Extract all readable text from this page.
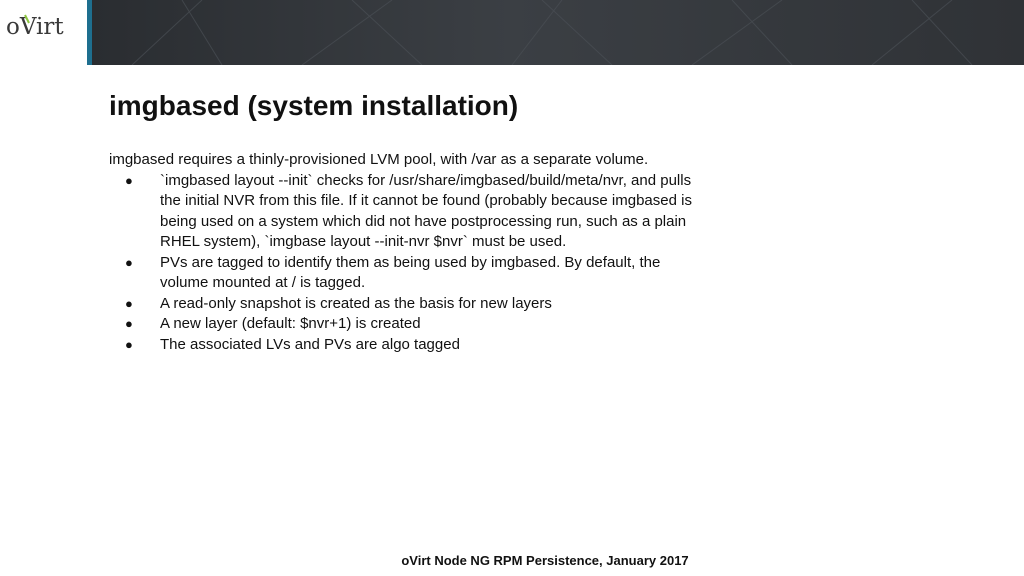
oVirt
imgbased (system installation)

imgbased requires a thinly-provisioned LVM pool, with /var as a separate volume.

● `imgbased layout --init` checks for /usr/share/imgbased/build/meta/nvr, and pulls the initial NVR from this file. If it cannot be found (probably because imgbased is being used on a system which did not have postprocessing run, such as a plain RHEL system), `imgbase layout --init-nvr $nvr` must be used.
● PVs are tagged to identify them as being used by imgbased. By default, the volume mounted at / is tagged.
● A read-only snapshot is created as the basis for new layers
● A new layer (default: $nvr+1) is created
● The associated LVs and PVs are algo tagged
oVirt Node NG RPM Persistence, January 2017
